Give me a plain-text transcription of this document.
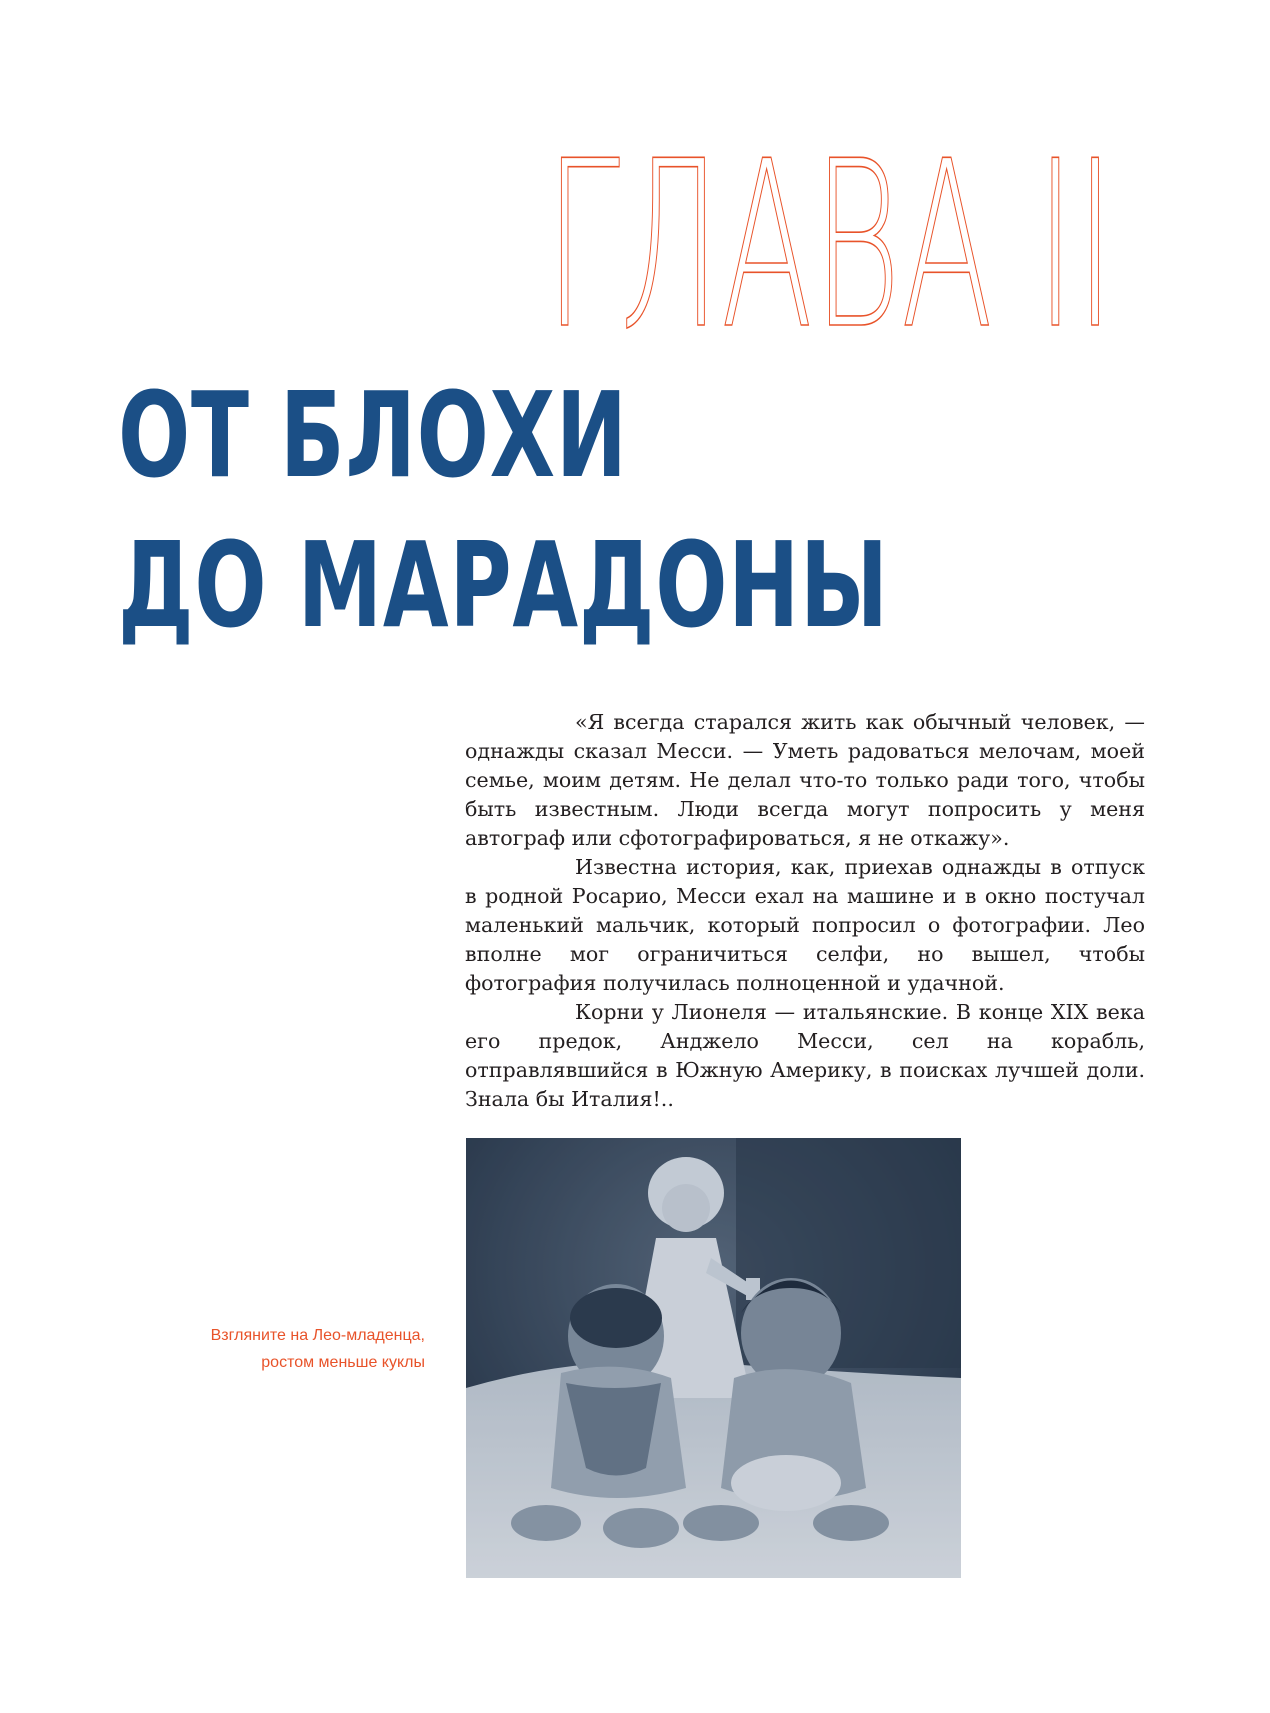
ГЛАВА II
ОТ БЛОХИ
ДО МАРАДОНЫ

«Я всегда старался жить как обычный человек, — однажды сказал Месси. — Уметь радоваться мелочам, моей семье, моим детям. Не делал что-то только ради того, чтобы быть известным. Люди всегда могут попросить у меня автограф или сфотографироваться, я не откажу».

Известна история, как, приехав однажды в отпуск в родной Росарио, Месси ехал на машине и в окно постучал маленький мальчик, который попросил о фотографии. Лео вполне мог ограничиться селфи, но вышел, чтобы фотография получилась полноценной и удачной.

Корни у Лионеля — итальянские. В конце XIX века его предок, Анджело Месси, сел на корабль, отправлявшийся в Южную Америку, в поисках лучшей доли. Знала бы Италия!..

Взгляните на Лео-младенца,
ростом меньше куклы
